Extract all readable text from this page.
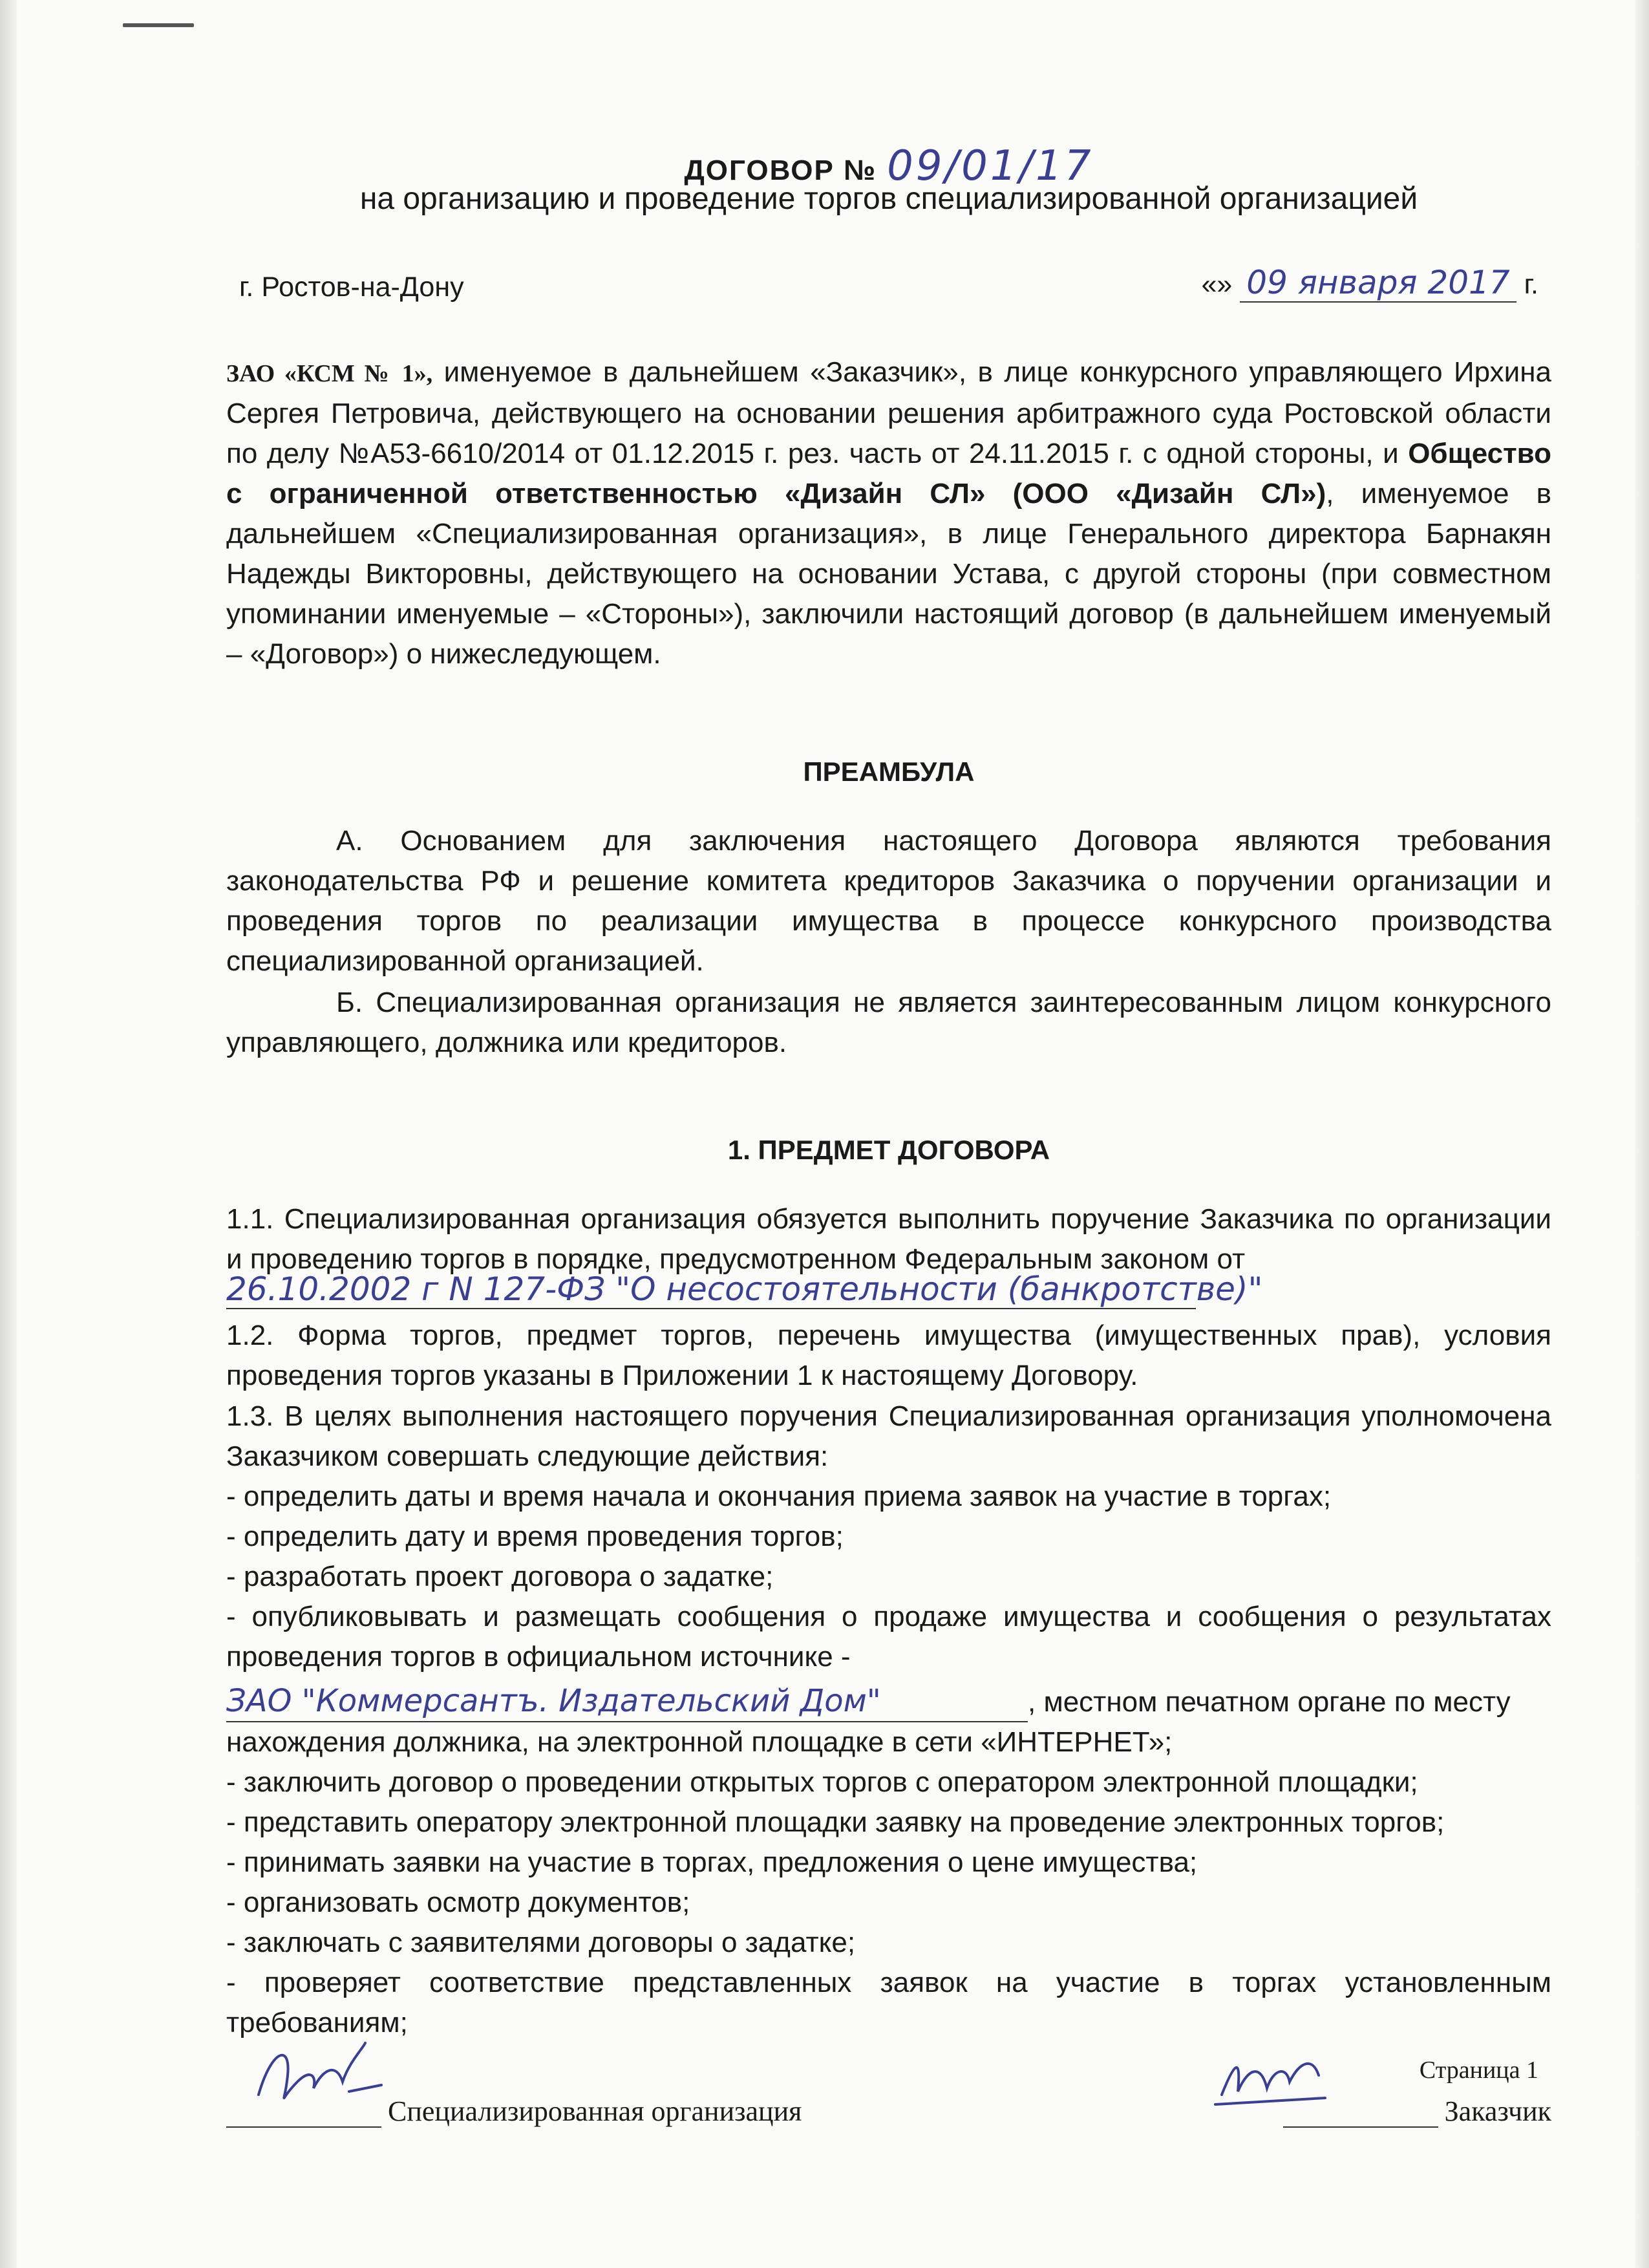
ДОГОВОР № 09/01/17
на организацию и проведение торгов специализированной организацией
г. Ростов-на-Дону	«» 09 января 2017 г.
ЗАО «КСМ № 1», именуемое в дальнейшем «Заказчик», в лице конкурсного управляющего Ирхина Сергея Петровича, действующего на основании решения арбитражного суда Ростовской области по делу №А53-6610/2014 от 01.12.2015 г. рез. часть от 24.11.2015 г. с одной стороны, и Общество с ограниченной ответственностью «Дизайн СЛ» (ООО «Дизайн СЛ»), именуемое в дальнейшем «Специализированная организация», в лице Генерального директора Барнакян Надежды Викторовны, действующего на основании Устава, с другой стороны (при совместном упоминании именуемые – «Стороны»), заключили настоящий договор (в дальнейшем именуемый – «Договор») о нижеследующем.
ПРЕАМБУЛА
А. Основанием для заключения настоящего Договора являются требования законодательства РФ и решение комитета кредиторов Заказчика о поручении организации и проведения торгов по реализации имущества в процессе конкурсного производства специализированной организацией.
Б. Специализированная организация не является заинтересованным лицом конкурсного управляющего, должника или кредиторов.
1. ПРЕДМЕТ ДОГОВОРА
1.1. Специализированная организация обязуется выполнить поручение Заказчика по организации и проведению торгов в порядке, предусмотренном Федеральным законом от
26.10.2002 г N 127-ФЗ "О несостоятельности (банкротстве)"
1.2. Форма торгов, предмет торгов, перечень имущества (имущественных прав), условия проведения торгов указаны в Приложении 1 к настоящему Договору.
1.3. В целях выполнения настоящего поручения Специализированная организация уполномочена Заказчиком совершать следующие действия:
- определить даты и время начала и окончания приема заявок на участие в торгах;
- определить дату и время проведения торгов;
- разработать проект договора о задатке;
- опубликовывать и размещать сообщения о продаже имущества и сообщения о результатах проведения торгов в официальном источнике -
ЗАО "Коммерсантъ. Издательский Дом"	, местном печатном органе по месту нахождения должника, на электронной площадке в сети «ИНТЕРНЕТ»;
- заключить договор о проведении открытых торгов с оператором электронной площадки;
- представить оператору электронной площадки заявку на проведение электронных торгов;
- принимать заявки на участие в торгах, предложения о цене имущества;
- организовать осмотр документов;
- заключать с заявителями договоры о задатке;
- проверяет соответствие представленных заявок на участие в торгах установленным требованиям;
Страница 1
Специализированная организация	Заказчик
